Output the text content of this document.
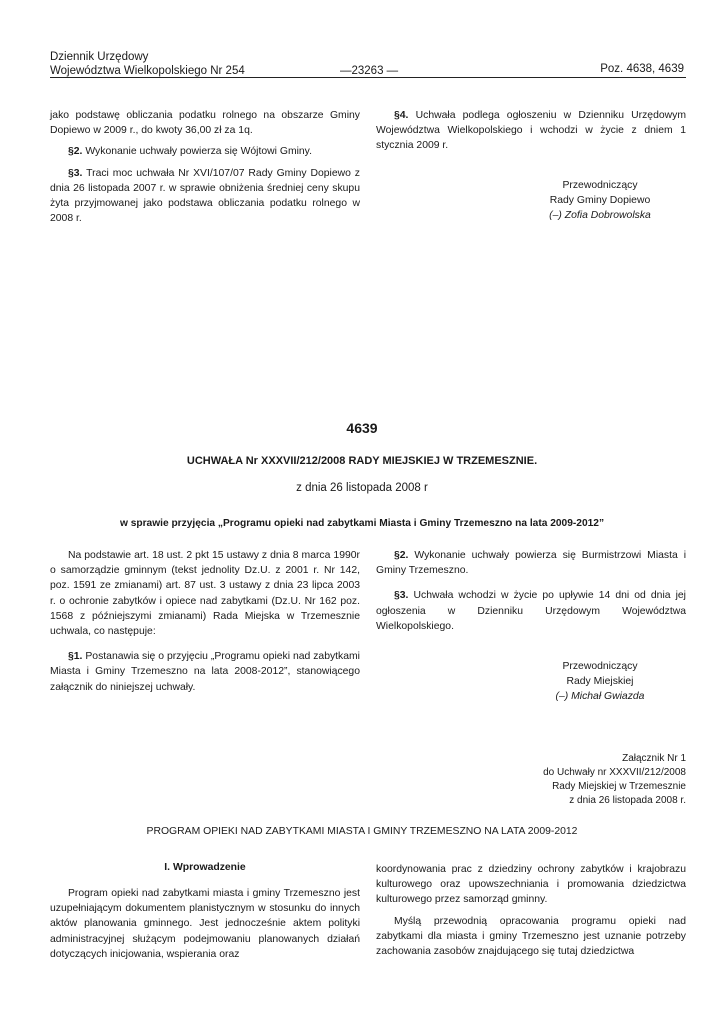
Dziennik Urzędowy
Województwa Wielkopolskiego Nr 254	—23263 —	Poz. 4638, 4639

jako podstawę obliczania podatku rolnego na obszarze Gminy Dopiewo w 2009 r., do kwoty 36,00 zł za 1q.

§2. Wykonanie uchwały powierza się Wójtowi Gminy.

§3. Traci moc uchwała Nr XVI/107/07 Rady Gminy Dopiewo z dnia 26 listopada 2007 r. w sprawie obniżenia średniej ceny skupu żyta przyjmowanej jako podstawa obliczania podatku rolnego w 2008 r.

§4. Uchwała podlega ogłoszeniu w Dzienniku Urzędowym Województwa Wielkopolskiego i wchodzi w życie z dniem 1 stycznia 2009 r.

Przewodniczący
Rady Gminy Dopiewo
(–) Zofia Dobrowolska
4639
UCHWAŁA Nr XXXVII/212/2008 RADY MIEJSKIEJ W TRZEMESZNIE.
z dnia 26 listopada 2008 r
w sprawie przyjęcia „Programu opieki nad zabytkami Miasta i Gminy Trzemeszno na lata 2009-2012”

Na podstawie art. 18 ust. 2 pkt 15 ustawy z dnia 8 marca 1990r o samorządzie gminnym (tekst jednolity Dz.U. z 2001 r. Nr 142, poz. 1591 ze zmianami) art. 87 ust. 3 ustawy z dnia 23 lipca 2003 r. o ochronie zabytków i opiece nad zabytkami (Dz.U. Nr 162 poz. 1568 z późniejszymi zmianami) Rada Miejska w Trzemesznie uchwala, co następuje:

§1. Postanawia się o przyjęciu „Programu opieki nad zabytkami Miasta i Gminy Trzemeszno na lata 2008-2012”, stanowiącego załącznik do niniejszej uchwały.

§2. Wykonanie uchwały powierza się Burmistrzowi Miasta i Gminy Trzemeszno.

§3. Uchwała wchodzi w życie po upływie 14 dni od dnia jej ogłoszenia w Dzienniku Urzędowym Województwa Wielkopolskiego.

Przewodniczący
Rady Miejskiej
(–) Michał Gwiazda
Załącznik Nr 1
do Uchwały nr XXXVII/212/2008
Rady Miejskiej w Trzemesznie
z dnia 26 listopada 2008 r.
PROGRAM OPIEKI NAD ZABYTKAMI MIASTA I GMINY TRZEMESZNO NA LATA 2009-2012
I. Wprowadzenie

Program opieki nad zabytkami miasta i gminy Trzemeszno jest uzupełniającym dokumentem planistycznym w stosunku do innych aktów planowania gminnego. Jest jednocześnie aktem polityki administracyjnej służącym podejmowaniu planowanych działań dotyczących inicjowania, wspierania oraz

koordynowania prac z dziedziny ochrony zabytków i krajobrazu kulturowego oraz upowszechniania i promowania dziedzictwa kulturowego przez samorząd gminny.

Myślą przewodnią opracowania programu opieki nad zabytkami dla miasta i gminy Trzemeszno jest uznanie potrzeby zachowania zasobów znajdującego się tutaj dziedzictwa
